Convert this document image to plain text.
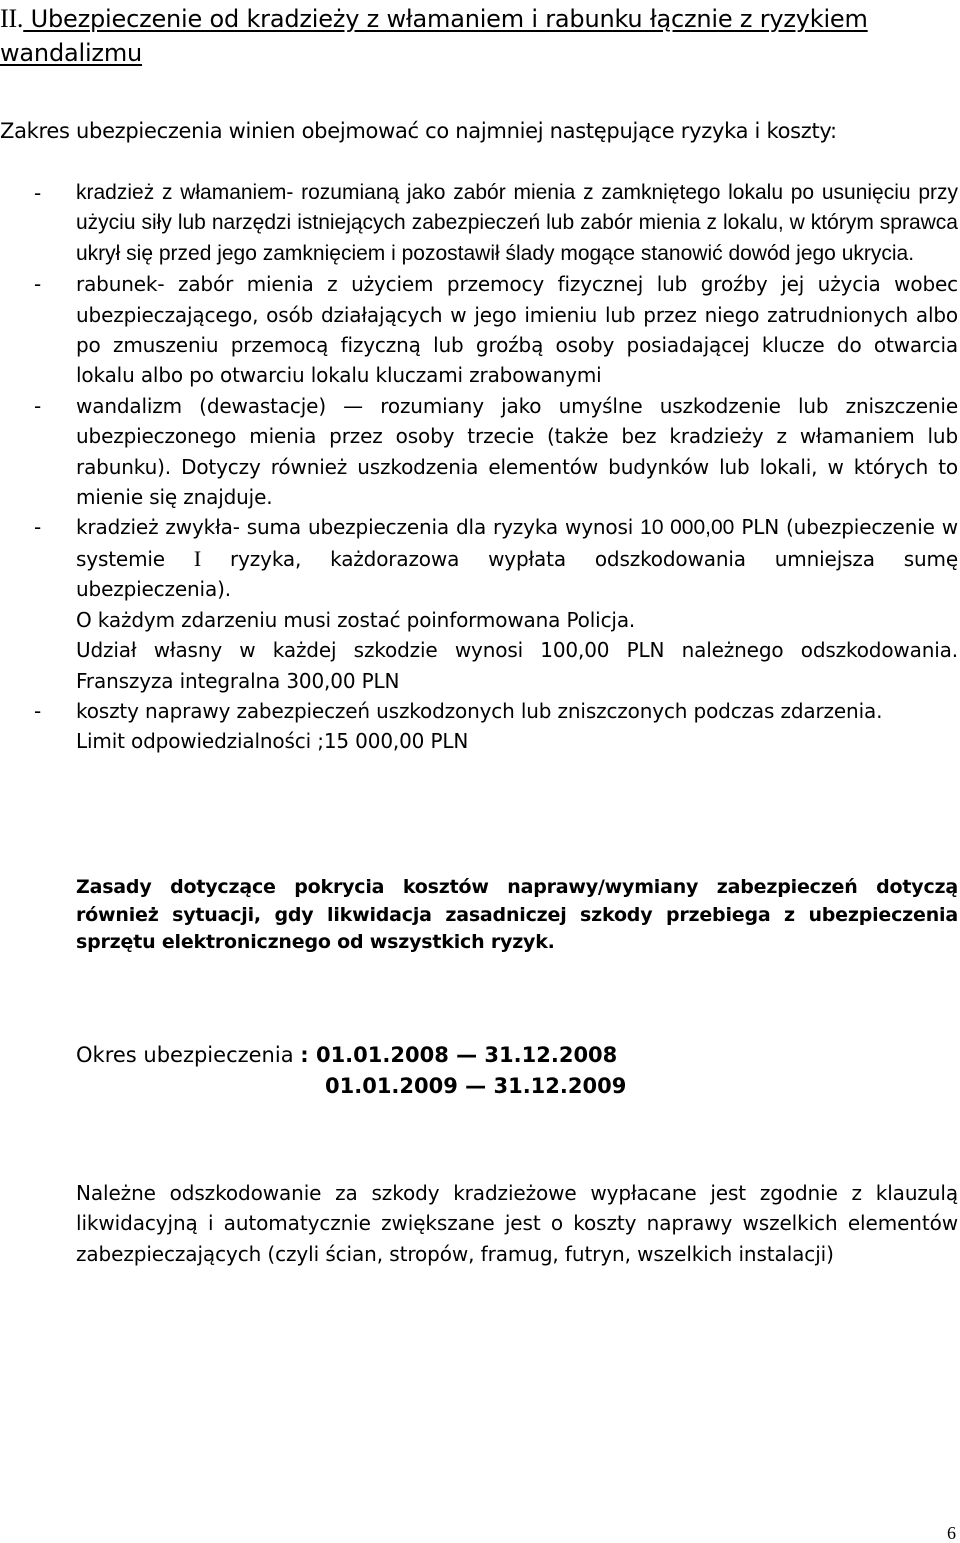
II. Ubezpieczenie od kradzieży z włamaniem i rabunku łącznie z ryzykiem wandalizmu
Zakres ubezpieczenia winien obejmować co najmniej następujące ryzyka i koszty:
- kradzież z włamaniem- rozumianą jako zabór mienia z zamkniętego lokalu po usunięciu przy użyciu siły lub narzędzi istniejących zabezpieczeń lub zabór mienia z lokalu, w którym sprawca ukrył się przed jego zamknięciem i pozostawił ślady mogące stanowić dowód jego ukrycia.

- rabunek- zabór mienia z użyciem przemocy fizycznej lub groźby jej użycia wobec ubezpieczającego, osób działających w jego imieniu lub przez niego zatrudnionych albo po zmuszeniu przemocą fizyczną lub groźbą osoby posiadającej klucze do otwarcia lokalu albo po otwarciu lokalu kluczami zrabowanymi

- wandalizm (dewastacje) — rozumiany jako umyślne uszkodzenie lub zniszczenie ubezpieczonego mienia przez osoby trzecie (także bez kradzieży z włamaniem lub rabunku). Dotyczy również uszkodzenia elementów budynków lub lokali, w których to mienie się znajduje.

- kradzież zwykła- suma ubezpieczenia dla ryzyka wynosi 10 000,00 PLN (ubezpieczenie w systemie I ryzyka, każdorazowa wypłata odszkodowania umniejsza sumę ubezpieczenia).

O każdym zdarzeniu musi zostać poinformowana Policja.

Udział własny w każdej szkodzie wynosi 100,00 PLN należnego odszkodowania. Franszyza integralna 300,00 PLN

- koszty naprawy zabezpieczeń uszkodzonych lub zniszczonych podczas zdarzenia.

Limit odpowiedzialności ;15 000,00 PLN

Zasady dotyczące pokrycia kosztów naprawy/wymiany zabezpieczeń dotyczą również sytuacji, gdy likwidacja zasadniczej szkody przebiega z ubezpieczenia sprzętu elektronicznego od wszystkich ryzyk.
Okres ubezpieczenia : 01.01.2008 — 31.12.2008
01.01.2009 — 31.12.2009
Należne odszkodowanie za szkody kradzieżowe wypłacane jest zgodnie z klauzulą likwidacyjną i automatycznie zwiększane jest o koszty naprawy wszelkich elementów zabezpieczających (czyli ścian, stropów, framug, futryn, wszelkich instalacji)
6
